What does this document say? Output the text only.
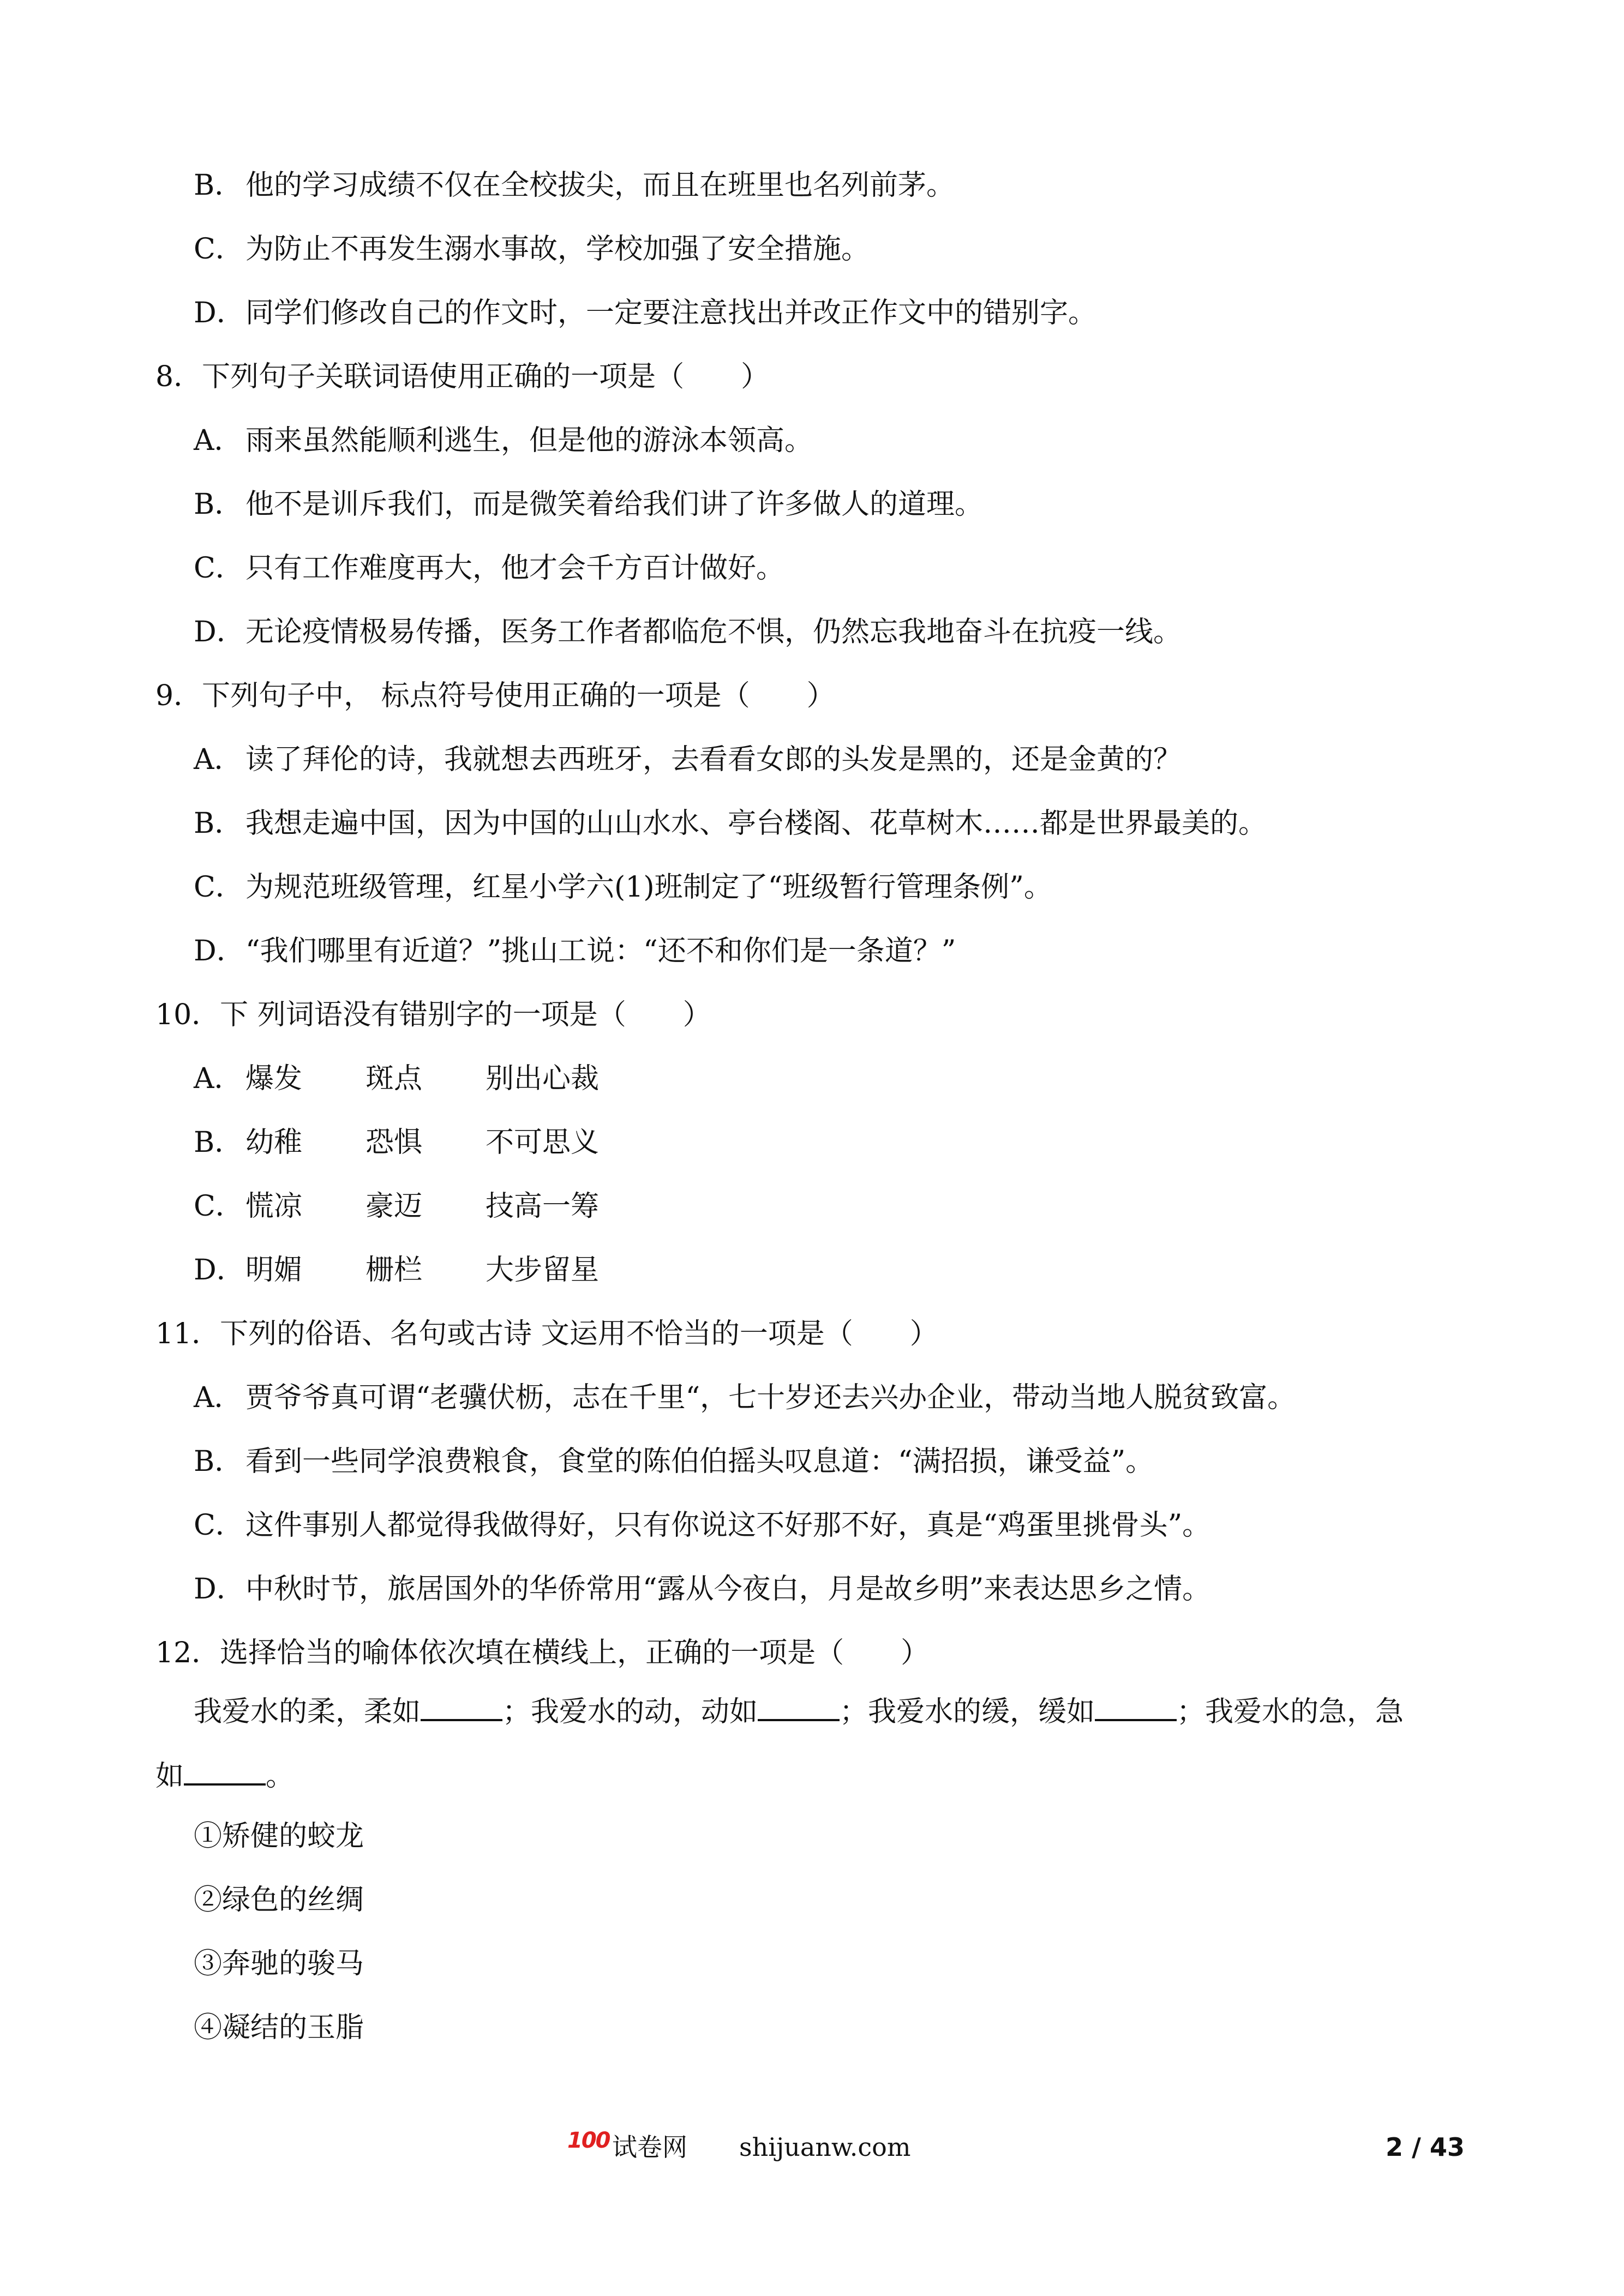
B．他的学习成绩不仅在全校拔尖，而且在班里也名列前茅。
C．为防止不再发生溺水事故，学校加强了安全措施。
D．同学们修改自己的作文时，一定要注意找出并改正作文中的错别字。
8．下列句子关联词语使用正确的一项是（　　）
A． 雨来虽然能顺利逃生，但是他的游泳本领高。
B．他不是训斥我们，而是微笑着给我们讲了许多做人的道理。
C．只有工作难度再大，他才会千方百计做好。
D．无论疫情极易传播，医务工作者都临危不惧，仍然忘我地奋斗在抗疫一线。
9．下列句子中， 标点符号使用正确的一项是（　　）
A． 读了拜伦的诗，我就想去西班牙，去看看女郎的头发是黑的，还是金黄的？
B．我想走遍中国，因为中国的山山水水、亭台楼阁、花草树木……都是世界最美的。
C．为规范班级管理，红星小学六(1)班制定了“班级暂行管理条例”。
D．“我们哪里有近道？”挑山工说：“还不和你们是一条道？”
10．下 列词语没有错别字的一项是（　　）
A． 爆发 斑点 别出心裁
B．幼稚 恐惧 不可思义
C．慌凉 豪迈 技高一筹
D．明媚 栅栏 大步留星
11．下列的俗语、名句或古诗 文运用不恰当的一项是（　　）
A． 贾爷爷真可谓“老骥伏枥，志在千里“，七十岁还去兴办企业，带动当地人脱贫致富。
B．看到一些同学浪费粮食，食堂的陈伯伯摇头叹息道：“满招损，谦受益”。
C．这件事别人都觉得我做得好，只有你说这不好那不好，真是“鸡蛋里挑骨头”。
D．中秋时节，旅居国外的华侨常用“露从今夜白，月是故乡明”来表达思乡之情。
12．选择恰当的喻体依次填在横线上，正确的一项是（　　）
我爱水的柔，柔如	；我爱水的动，动如	；我爱水的缓，缓如	；我爱水的急，急
如	。
①矫健的蛟龙
②绿色的丝绸
③奔驰的骏马
④凝结的玉脂
100 试卷网 shijuanw.com	2 / 43
